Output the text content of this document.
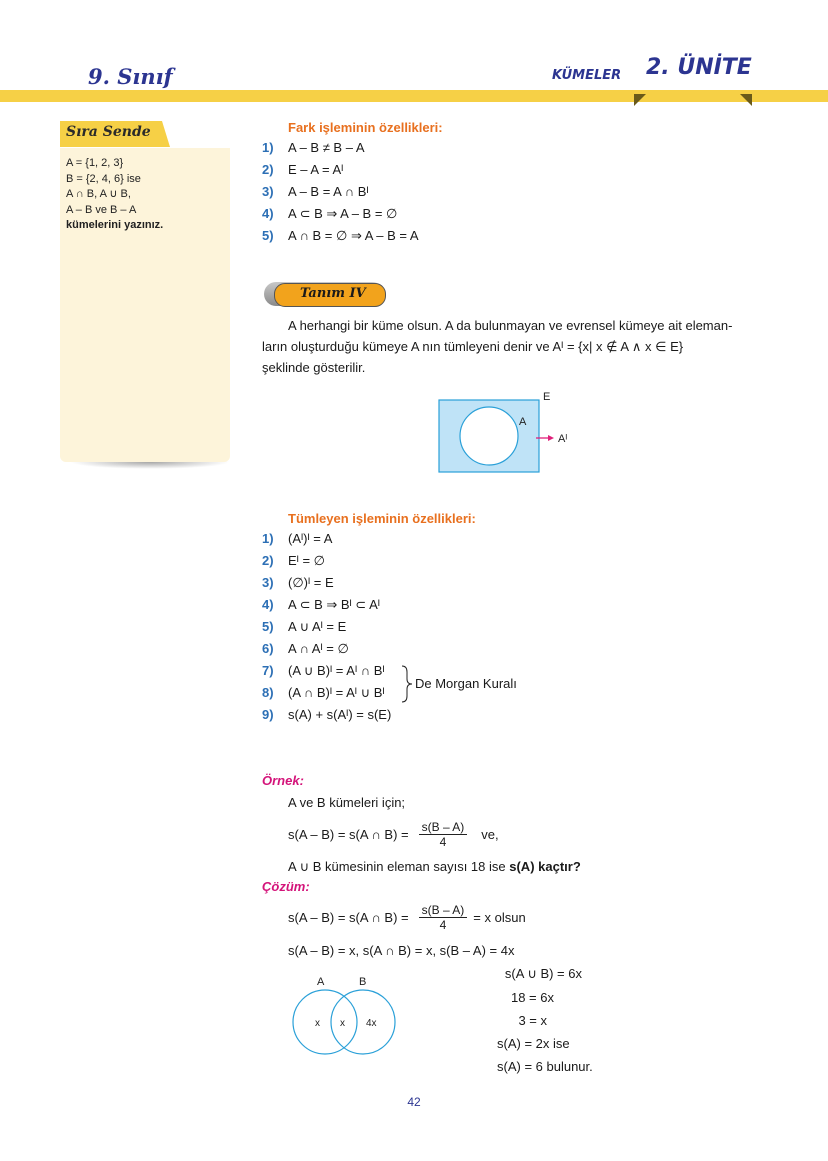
9. Sınıf	KÜMELER 2. ÜNİTE
Sıra Sende
A = {1, 2, 3}
B = {2, 4, 6} ise
A ∩ B, A ∪ B,
A – B ve B – A
kümelerini yazınız.
Fark işleminin özellikleri:
1) A – B ≠ B – A
2) E – A = Aᴵ
3) A – B = A ∩ Bᴵ
4) A ⊂ B ⇒ A – B = ∅
5) A ∩ B = ∅ ⇒ A – B = A
Tanım IV
A herhangi bir küme olsun. A da bulunmayan ve evrensel kümeye ait eleman-
ların oluşturduğu kümeye A nın tümleyeni denir ve Aᴵ = {x| x ∉ A ∧ x ∈ E}
şeklinde gösterilir.
E
A
Aᴵ
Tümleyen işleminin özellikleri:
1) (Aᴵ)ᴵ = A
2) Eᴵ = ∅
3) (∅)ᴵ = E
4) A ⊂ B ⇒ Bᴵ ⊂ Aᴵ
5) A ∪ Aᴵ = E
6) A ∩ Aᴵ = ∅
7) (A ∪ B)ᴵ = Aᴵ ∩ Bᴵ
8) (A ∩ B)ᴵ = Aᴵ ∪ Bᴵ
9) s(A) + s(Aᴵ) = s(E)
De Morgan Kuralı
Örnek:
A ve B kümeleri için;
s(A – B) = s(A ∩ $B) = \frac{s(B - A)}{4}$ ve,
A ∪ B kümesinin eleman sayısı 18 ise s(A) kaçtır?
Çözüm:
s(A – B) = s(A ∩ $B) = \frac{s(B - A)}{4} = x$ olsun
s(A – B) = x, s(A ∩ B) = x, s(B – A) = 4x
s(A ∪ B) = 6x
18 = 6x
3 = x
s(A) = 2x ise
s(A) = 6 bulunur.
A	B
x x 4x
42
